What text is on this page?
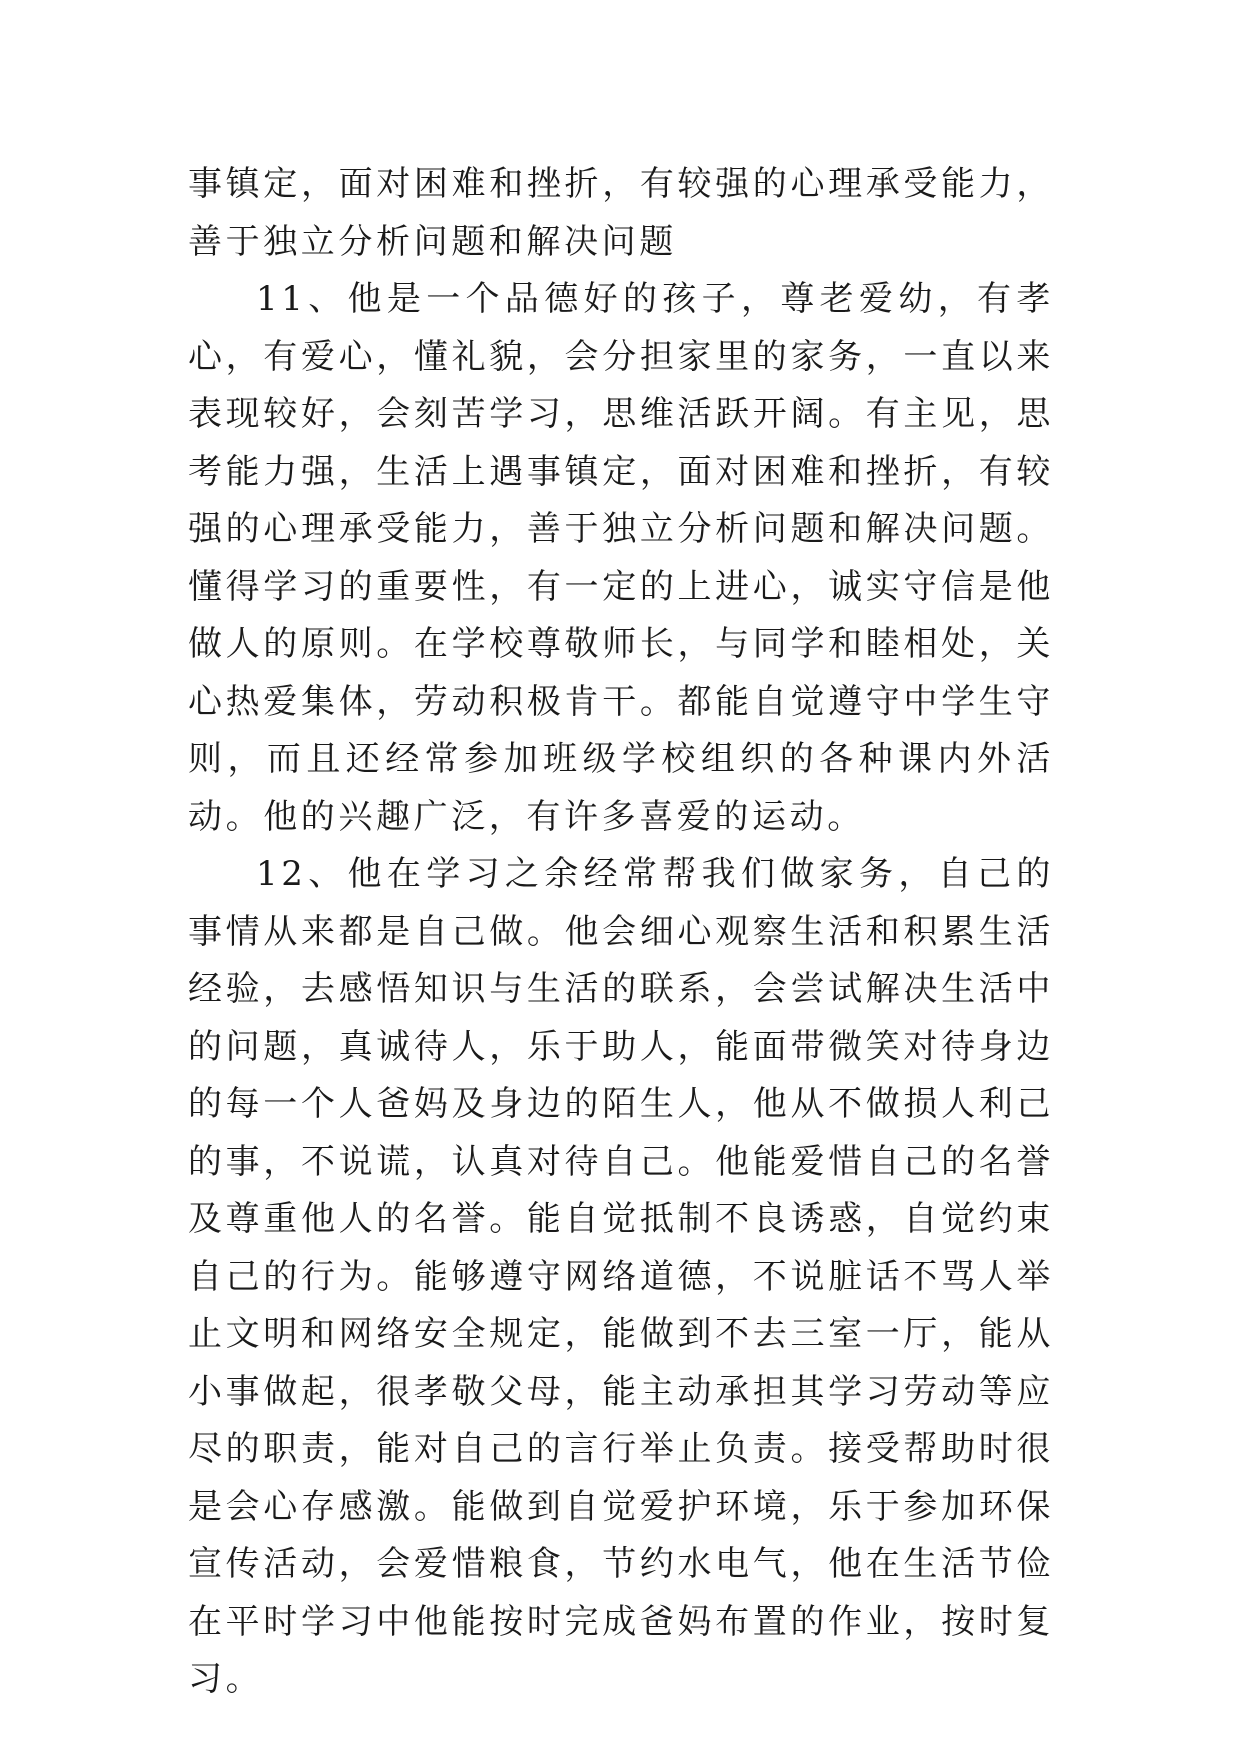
事镇定，面对困难和挫折，有较强的心理承受能力，善于独立分析问题和解决问题

11、他是一个品德好的孩子，尊老爱幼，有孝心，有爱心，懂礼貌，会分担家里的家务，一直以来表现较好，会刻苦学习，思维活跃开阔。有主见，思考能力强，生活上遇事镇定，面对困难和挫折，有较强的心理承受能力，善于独立分析问题和解决问题。懂得学习的重要性，有一定的上进心，诚实守信是他做人的原则。在学校尊敬师长，与同学和睦相处，关心热爱集体，劳动积极肯干。都能自觉遵守中学生守则，而且还经常参加班级学校组织的各种课内外活动。他的兴趣广泛，有许多喜爱的运动。

12、他在学习之余经常帮我们做家务，自己的事情从来都是自己做。他会细心观察生活和积累生活经验，去感悟知识与生活的联系，会尝试解决生活中的问题，真诚待人，乐于助人，能面带微笑对待身边的每一个人爸妈及身边的陌生人，他从不做损人利己的事，不说谎，认真对待自己。他能爱惜自己的名誉及尊重他人的名誉。能自觉抵制不良诱惑，自觉约束自己的行为。能够遵守网络道德，不说脏话不骂人举止文明和网络安全规定，能做到不去三室一厅，能从小事做起，很孝敬父母，能主动承担其学习劳动等应尽的职责，能对自己的言行举止负责。接受帮助时很是会心存感激。能做到自觉爱护环境，乐于参加环保宣传活动，会爱惜粮食，节约水电气，他在生活节俭在平时学习中他能按时完成爸妈布置的作业，按时复习。
